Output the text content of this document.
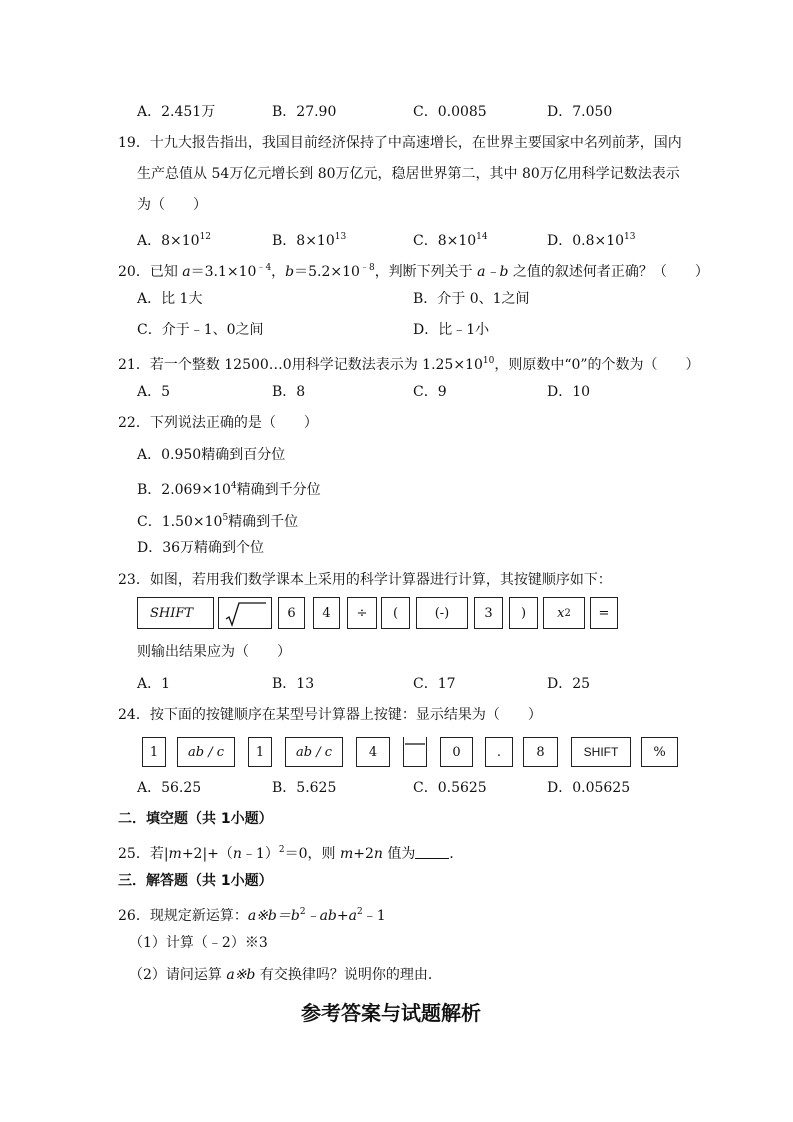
A．2.451万	B．27.90	C．0.0085	D．7.050
19．十九大报告指出，我国目前经济保持了中高速增长，在世界主要国家中名列前茅，国内
生产总值从 54万亿元增长到 80万亿元，稳居世界第二，其中 80万亿用科学记数法表示
为（　　）
A．$8\times 10^{12}$	B．$8\times 10^{13}$	C．$8\times 10^{14}$	D．$0.8\times 10^{13}$
20．已知 $a=3.1\times 10^{﹣4}$，$b=5.2\times 10^{﹣8}$，判断下列关于 a﹣b 之值的叙述何者正确？（　　）
A．比 1大	B．介于 0、1之间
C．介于﹣1、0之间	D．比﹣1小
21．若一个整数 12500…0用科学记数法表示为 $1.25\times 10^{10}$，则原数中“0”的个数为（　　）
A．5	B．8	C．9	D．10
22．下列说法正确的是（　　）
A．0.950精确到百分位
B．$2.069\times 10^4$精确到千分位
C．$1.50\times 10^5$精确到千位
D．36万精确到个位
23．如图，若用我们数学课本上采用的科学计算器进行计算，其按键顺序如下：
SHIFT	6 4 ÷ (	(-)	3 ) x 2 =
则输出结果应为（　　）
A．1	B．13	C．17	D．25
24．按下面的按键顺序在某型号计算器上按键：显示结果为（　　）
1 ab / c 1 ab / c	4	0	.	8	SHIFT	%
A．56.25	B．5.625	C．0.5625	D．0.05625
二．填空题（共 1小题）
25．若|m+2|+（n﹣1）$^2$＝0，则 m+2n 值为 ．
三．解答题（共 1小题）
26．现规定新运算：$a※b=b^2﹣ab+a^2﹣1$
（1）计算（﹣2）※3
（2）请问运算 a※b 有交换律吗？说明你的理由．
参考答案与试题解析
